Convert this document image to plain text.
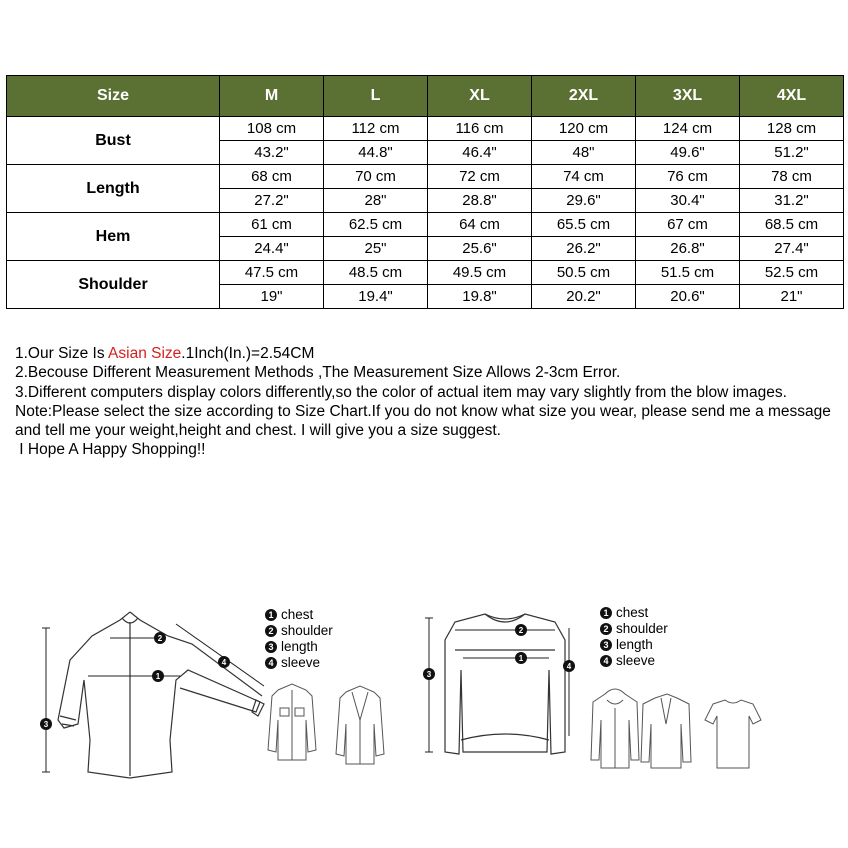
Size	M	L	XL	2XL	3XL	4XL
Bust	108 cm	112 cm	116 cm	120 cm	124 cm	128 cm
	43.2"	44.8"	46.4"	48"	49.6"	51.2"
Length	68 cm	70 cm	72 cm	74 cm	76 cm	78 cm
	27.2"	28"	28.8"	29.6"	30.4"	31.2"
Hem	61 cm	62.5 cm	64 cm	65.5 cm	67 cm	68.5 cm
	24.4"	25"	25.6"	26.2"	26.8"	27.4"
Shoulder	47.5 cm	48.5 cm	49.5 cm	50.5 cm	51.5 cm	52.5 cm
	19"	19.4"	19.8"	20.2"	20.6"	21"

1.Our Size Is Asian Size.1Inch(In.)=2.54CM

2.Becouse Different Measurement Methods ,The Measurement Size Allows 2-3cm Error.

3.Different computers display colors differently,so the color of actual item may vary slightly from the blow images.

Note:Please select the size according to Size Chart.If you do not know what size you wear, please send me a message and tell me your weight,height and chest. I will give you a size suggest.

I Hope A Happy Shopping!!

1
2
3
4
1 chest
2 shoulder
3 length
4 sleeve	1
2
3
4
1 chest
2 shoulder
3 length
4 sleeve
